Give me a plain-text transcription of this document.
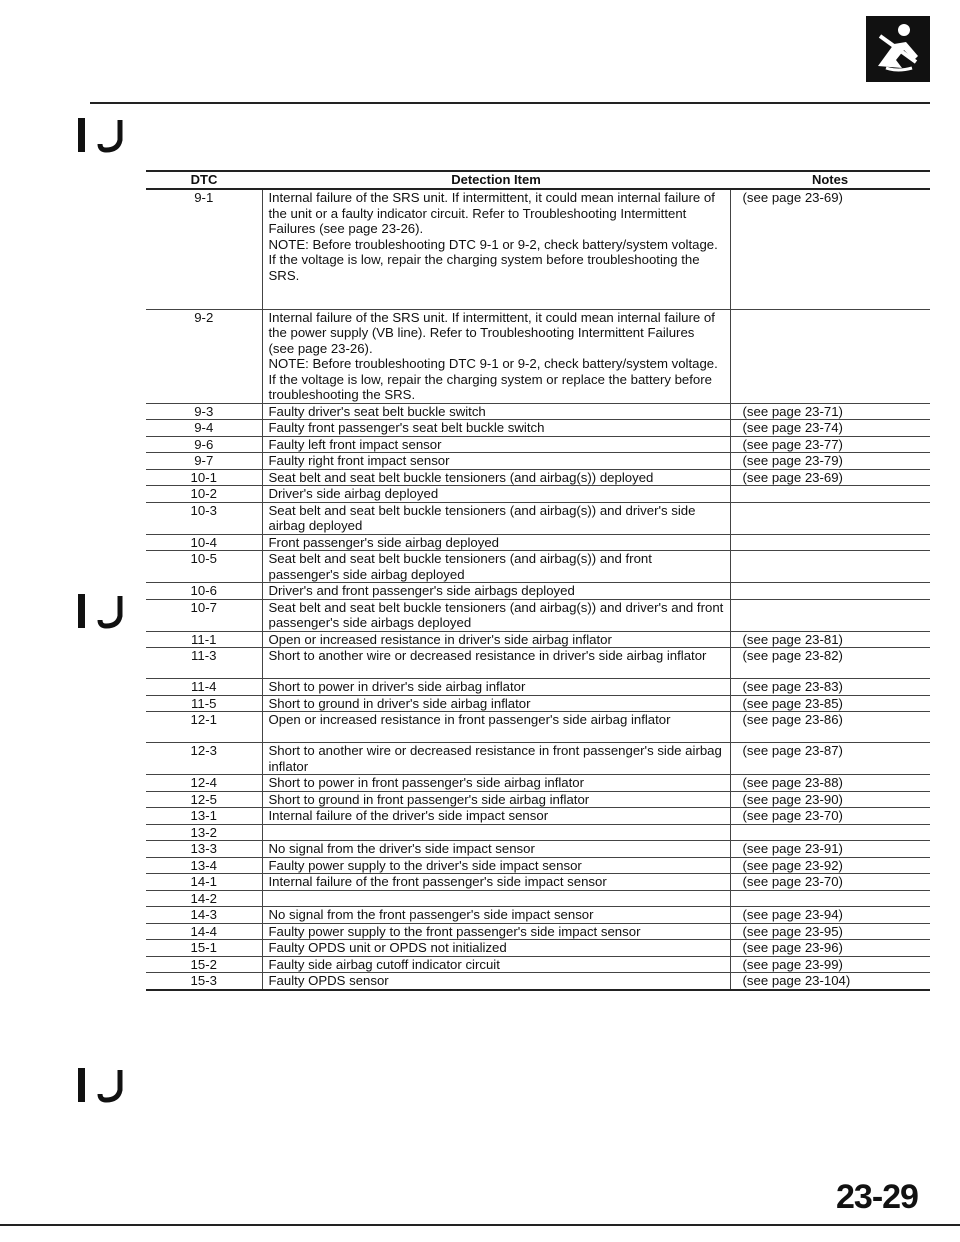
DTC	Detection Item	Notes
9-1	Internal failure of the SRS unit. If intermittent, it could mean internal failure of the unit or a faulty indicator circuit. Refer to Troubleshooting Intermittent Failures (see page 23-26).
NOTE: Before troubleshooting DTC 9-1 or 9-2, check battery/system voltage. If the voltage is low, repair the charging system before troubleshooting the SRS.	(see page 23-69)
9-2	Internal failure of the SRS unit. If intermittent, it could mean internal failure of the power supply (VB line). Refer to Troubleshooting Intermittent Failures (see page 23-26).
NOTE: Before troubleshooting DTC 9-1 or 9-2, check battery/system voltage. If the voltage is low, repair the charging system or replace the battery before troubleshooting the SRS.	

9-3	Faulty driver's seat belt buckle switch	(see page 23-71)
9-4	Faulty front passenger's seat belt buckle switch	(see page 23-74)
9-6	Faulty left front impact sensor	(see page 23-77)
9-7	Faulty right front impact sensor	(see page 23-79)
10-1	Seat belt and seat belt buckle tensioners (and airbag(s)) deployed	(see page 23-69)
10-2	Driver's side airbag deployed	

10-3	Seat belt and seat belt buckle tensioners (and airbag(s)) and driver's side airbag deployed	

10-4	Front passenger's side airbag deployed	

10-5	Seat belt and seat belt buckle tensioners (and airbag(s)) and front passenger's side airbag deployed	

10-6	Driver's and front passenger's side airbags deployed	

10-7	Seat belt and seat belt buckle tensioners (and airbag(s)) and driver's and front passenger's side airbags deployed	

11-1	Open or increased resistance in driver's side airbag inflator	(see page 23-81)
11-3	Short to another wire or decreased resistance in driver's side airbag inflator	(see page 23-82)
11-4	Short to power in driver's side airbag inflator	(see page 23-83)
11-5	Short to ground in driver's side airbag inflator	(see page 23-85)
12-1	Open or increased resistance in front passenger's side airbag inflator	(see page 23-86)
12-3	Short to another wire or decreased resistance in front passenger's side airbag inflator	(see page 23-87)
12-4	Short to power in front passenger's side airbag inflator	(see page 23-88)
12-5	Short to ground in front passenger's side airbag inflator	(see page 23-90)
13-1	Internal failure of the driver's side impact sensor	(see page 23-70)
13-2	

13-3	No signal from the driver's side impact sensor	(see page 23-91)
13-4	Faulty power supply to the driver's side impact sensor	(see page 23-92)
14-1	Internal failure of the front passenger's side impact sensor	(see page 23-70)
14-2	

14-3	No signal from the front passenger's side impact sensor	(see page 23-94)
14-4	Faulty power supply to the front passenger's side impact sensor	(see page 23-95)
15-1	Faulty OPDS unit or OPDS not initialized	(see page 23-96)
15-2	Faulty side airbag cutoff indicator circuit	(see page 23-99)
15-3	Faulty OPDS sensor	(see page 23-104)
23-29
